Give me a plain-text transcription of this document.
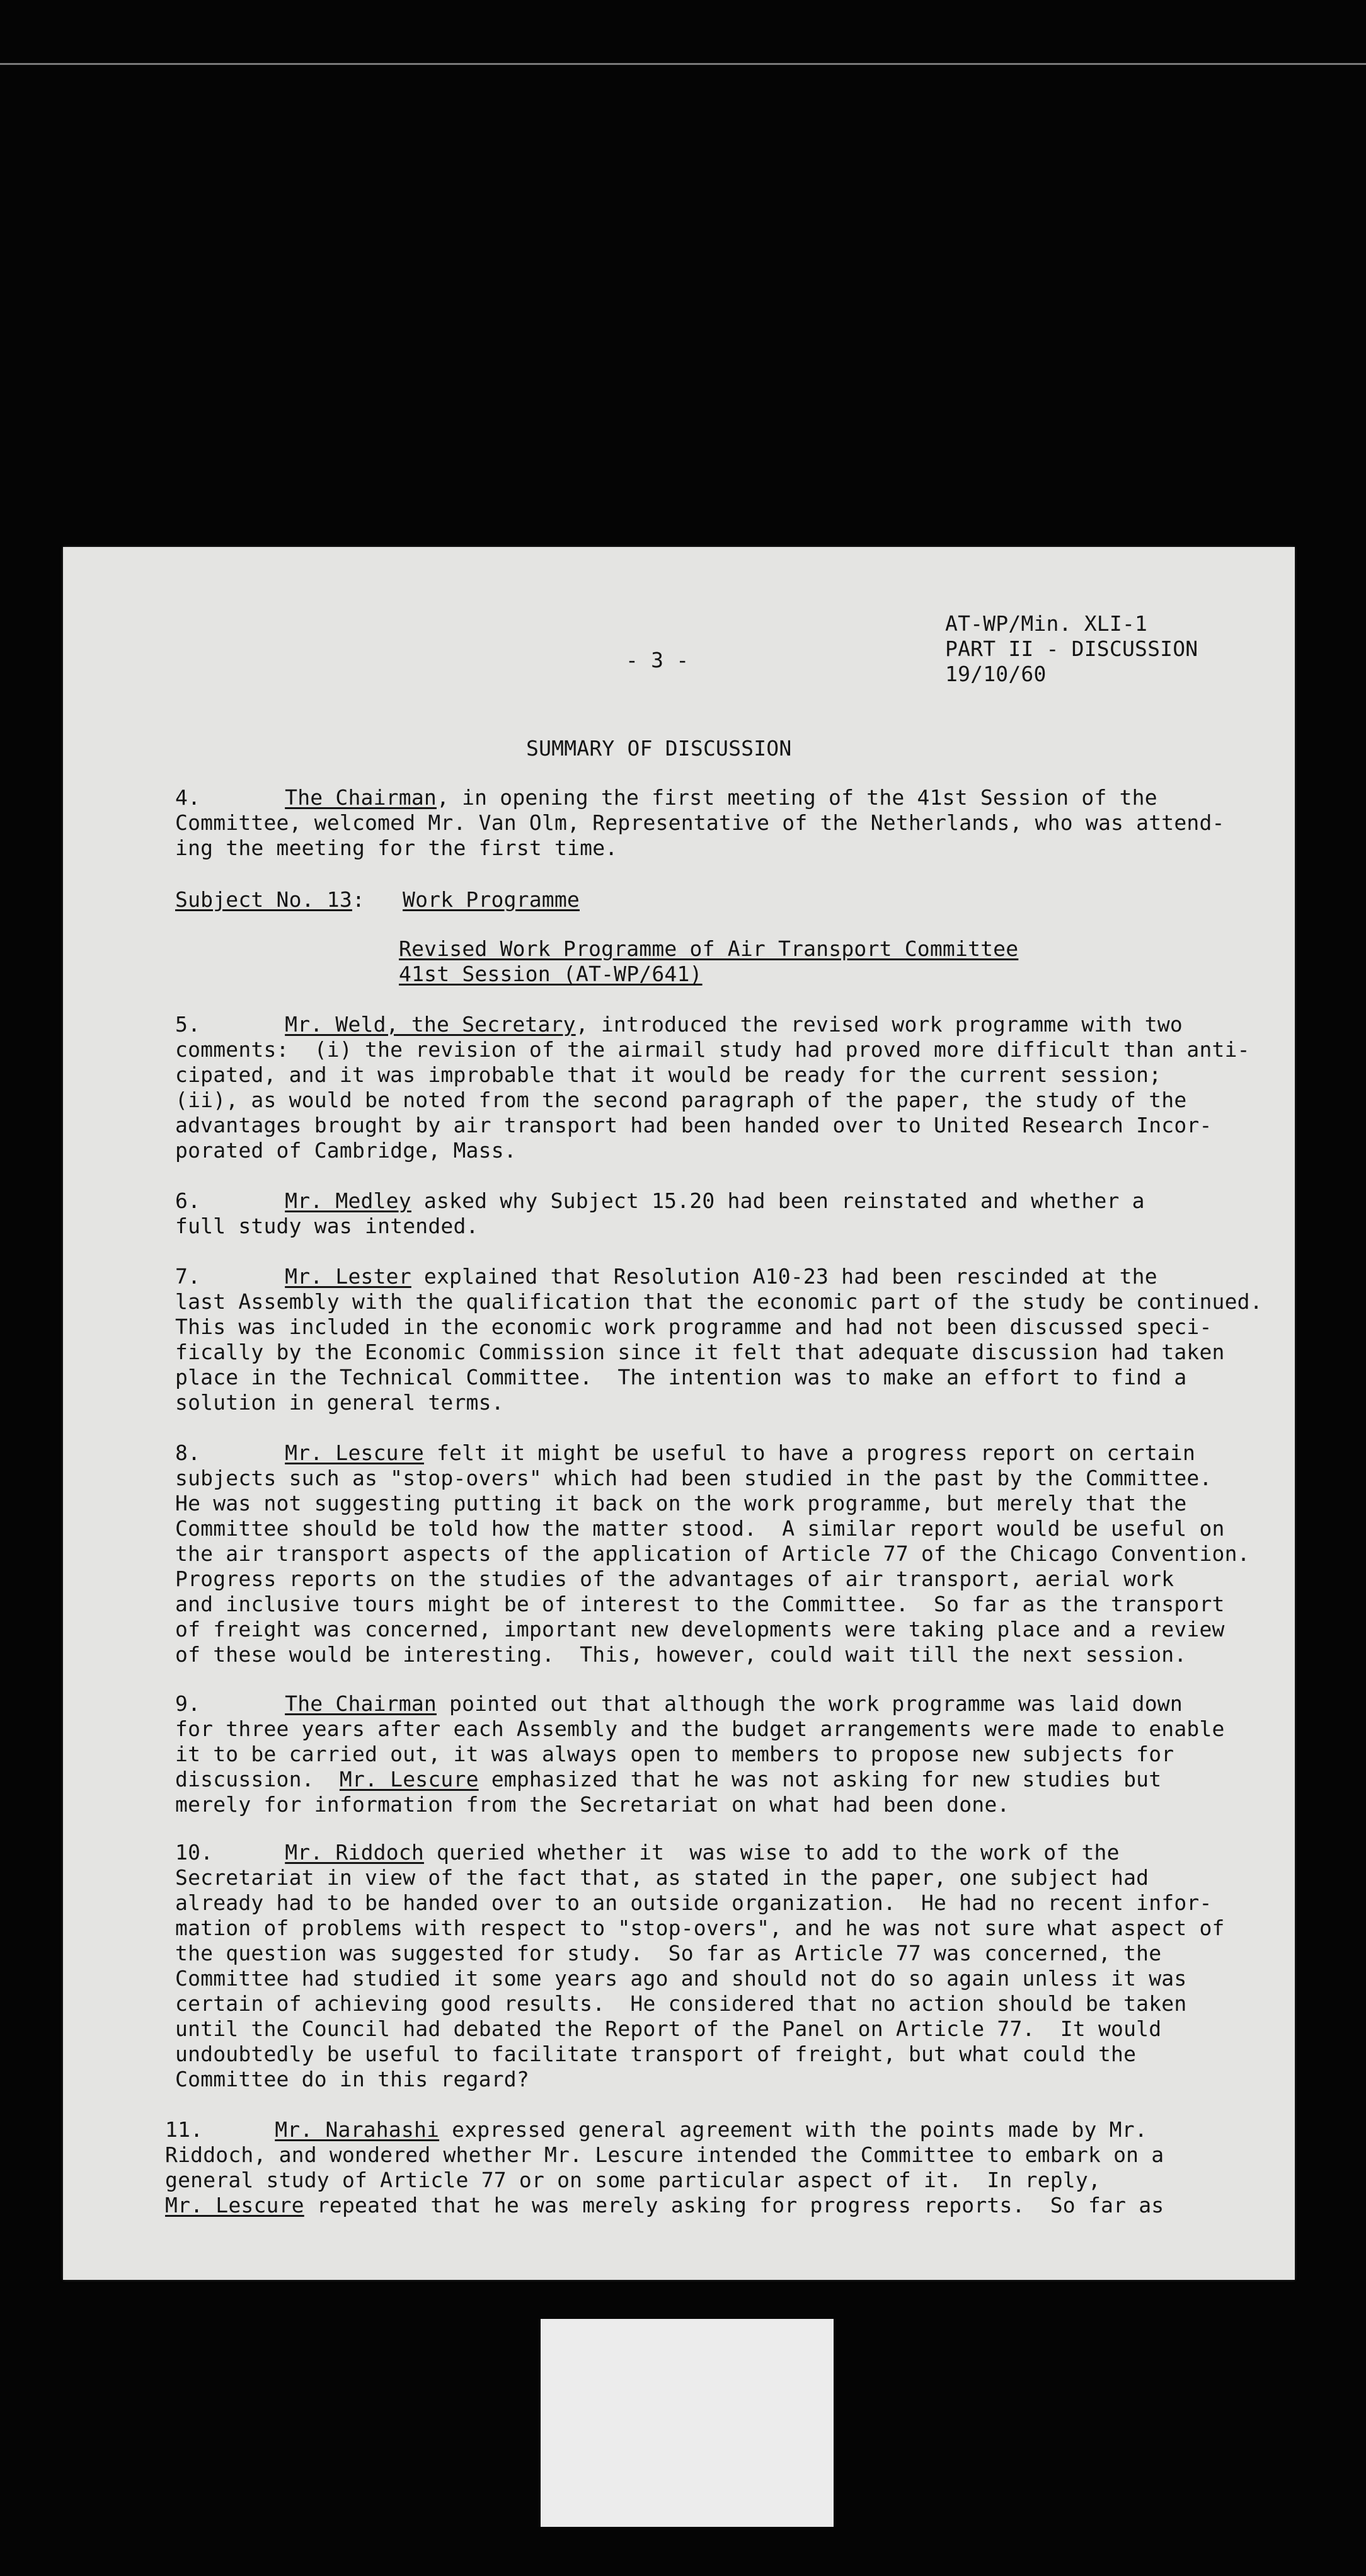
AT-WP/Min. XLI-1
PART II - DISCUSSION
19/10/60
- 3 -
SUMMARY OF DISCUSSION
4.	The Chairman, in opening the first meeting of the 41st Session of the
Committee, welcomed Mr. Van Olm, Representative of the Netherlands, who was attend-
ing the meeting for the first time.
Subject No. 13: Work Programme
Revised Work Programme of Air Transport Committee
41st Session (AT-WP/641)
5.	Mr. Weld, the Secretary, introduced the revised work programme with two
comments:  (i) the revision of the airmail study had proved more difficult than anti-
cipated, and it was improbable that it would be ready for the current session;
(ii), as would be noted from the second paragraph of the paper, the study of the
advantages brought by air transport had been handed over to United Research Incor-
porated of Cambridge, Mass.
6.	Mr. Medley asked why Subject 15.20 had been reinstated and whether a
full study was intended.
7.	Mr. Lester explained that Resolution A10-23 had been rescinded at the
last Assembly with the qualification that the economic part of the study be continued.
This was included in the economic work programme and had not been discussed speci-
fically by the Economic Commission since it felt that adequate discussion had taken
place in the Technical Committee.  The intention was to make an effort to find a
solution in general terms.
8.	Mr. Lescure felt it might be useful to have a progress report on certain
subjects such as "stop-overs" which had been studied in the past by the Committee.
He was not suggesting putting it back on the work programme, but merely that the
Committee should be told how the matter stood.  A similar report would be useful on
the air transport aspects of the application of Article 77 of the Chicago Convention.
Progress reports on the studies of the advantages of air transport, aerial work
and inclusive tours might be of interest to the Committee.  So far as the transport
of freight was concerned, important new developments were taking place and a review
of these would be interesting.  This, however, could wait till the next session.
9.	The Chairman pointed out that although the work programme was laid down
for three years after each Assembly and the budget arrangements were made to enable
it to be carried out, it was always open to members to propose new subjects for
discussion.  Mr. Lescure emphasized that he was not asking for new studies but
merely for information from the Secretariat on what had been done.
10.	Mr. Riddoch queried whether it  was wise to add to the work of the
Secretariat in view of the fact that, as stated in the paper, one subject had
already had to be handed over to an outside organization.  He had no recent infor-
mation of problems with respect to "stop-overs", and he was not sure what aspect of
the question was suggested for study.  So far as Article 77 was concerned, the
Committee had studied it some years ago and should not do so again unless it was
certain of achieving good results.  He considered that no action should be taken
until the Council had debated the Report of the Panel on Article 77.  It would
undoubtedly be useful to facilitate transport of freight, but what could the
Committee do in this regard?
11.	Mr. Narahashi expressed general agreement with the points made by Mr.
Riddoch, and wondered whether Mr. Lescure intended the Committee to embark on a
general study of Article 77 or on some particular aspect of it.  In reply,
Mr. Lescure repeated that he was merely asking for progress reports.  So far as
